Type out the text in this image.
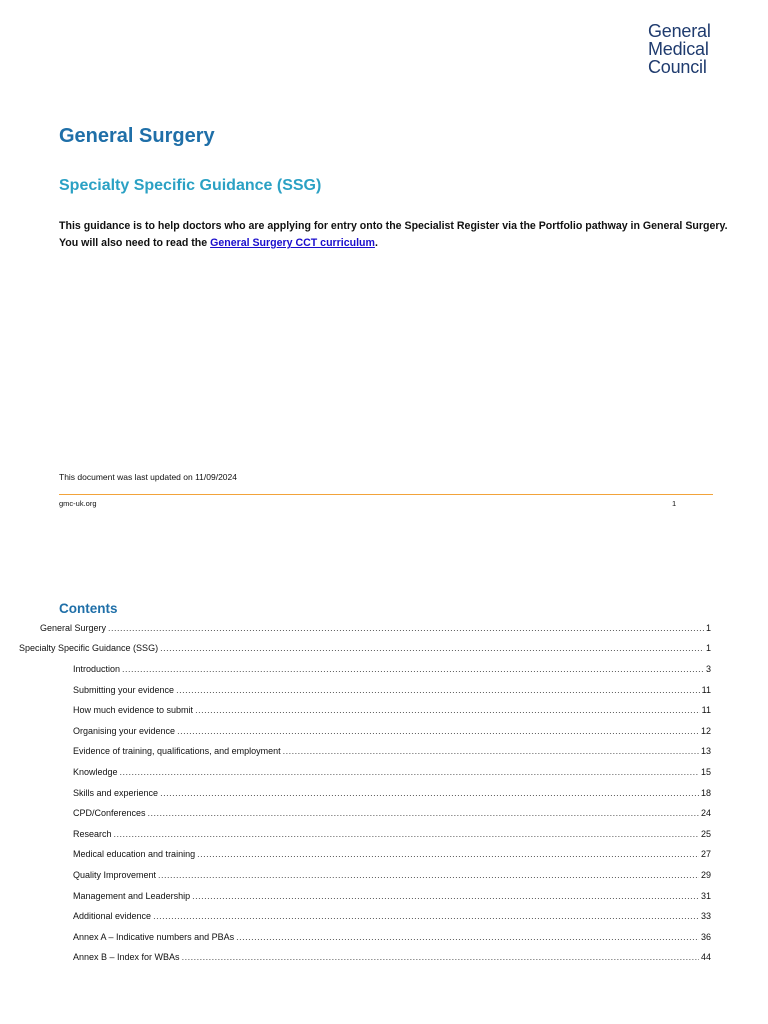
General
Medical
Council
General Surgery
Specialty Specific Guidance (SSG)

This guidance is to help doctors who are applying for entry onto the Specialist Register via the Portfolio pathway in General Surgery.

You will also need to read the General Surgery CCT curriculum.

This document was last updated on 11/09/2024
gmc-uk.org	1
Contents
General Surgery .....	1
Specialty Specific Guidance (SSG) .....	1
Introduction .....	3
Submitting your evidence .....	11
How much evidence to submit .....	11
Organising your evidence .....	12
Evidence of training, qualifications, and employment .....	13
Knowledge .....	15
Skills and experience .....	18
CPD/Conferences .....	24
Research .....	25
Medical education and training .....	27
Quality Improvement .....	29
Management and Leadership .....	31
Additional evidence .....	33
Annex A – Indicative numbers and PBAs .....	36
Annex B – Index for WBAs .....	44
